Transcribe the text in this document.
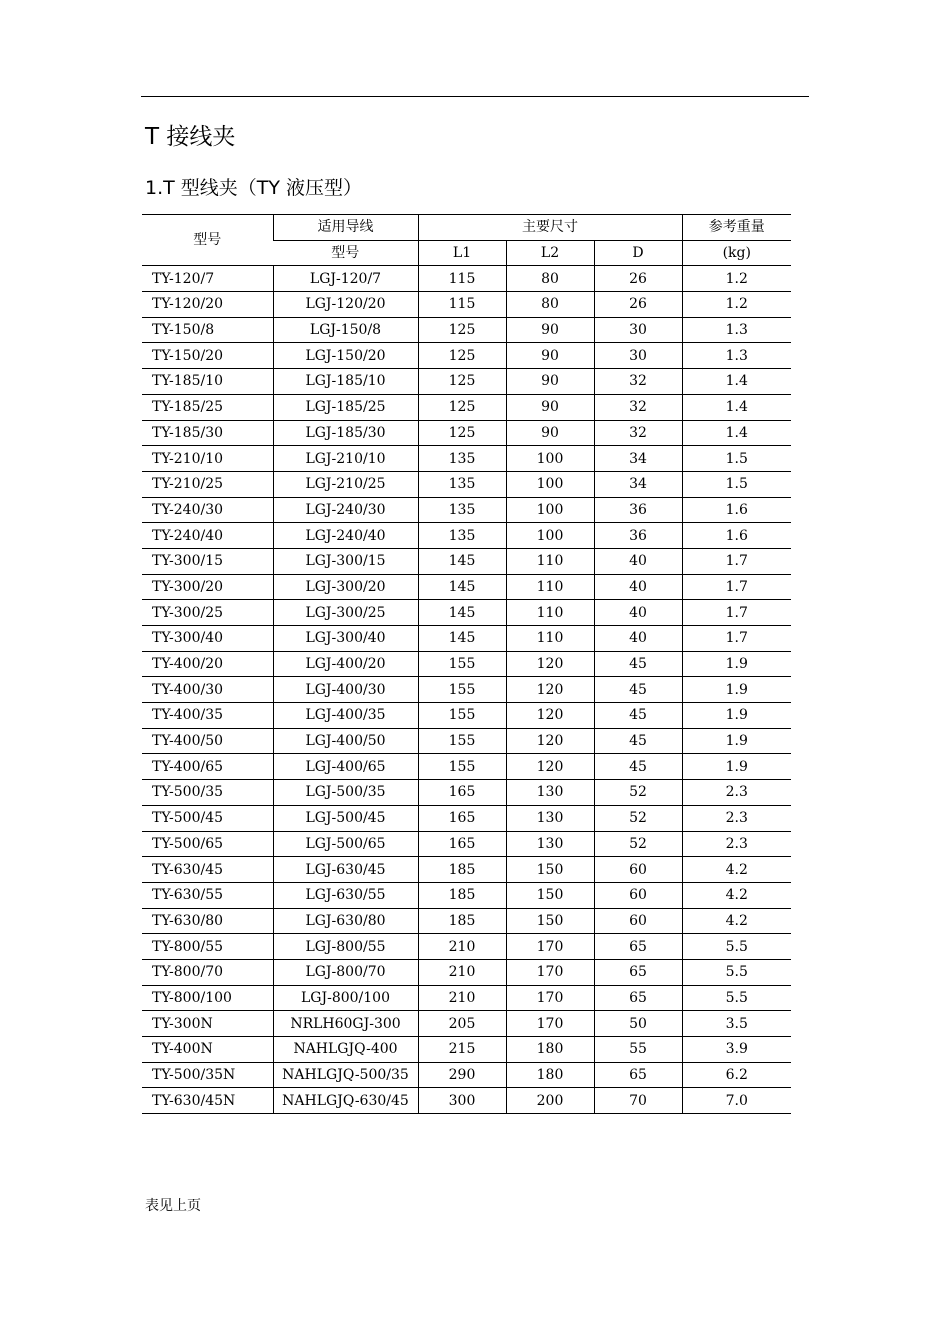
T 接线夹
1.T 型线夹（TY 液压型）
型号	适用导线	主要尺寸			参考重量
	型号	L1	L2	D	(kg)
TY-120/7	LGJ-120/7	115	80	26	1.2
TY-120/20	LGJ-120/20	115	80	26	1.2
TY-150/8	LGJ-150/8	125	90	30	1.3
TY-150/20	LGJ-150/20	125	90	30	1.3
TY-185/10	LGJ-185/10	125	90	32	1.4
TY-185/25	LGJ-185/25	125	90	32	1.4
TY-185/30	LGJ-185/30	125	90	32	1.4
TY-210/10	LGJ-210/10	135	100	34	1.5
TY-210/25	LGJ-210/25	135	100	34	1.5
TY-240/30	LGJ-240/30	135	100	36	1.6
TY-240/40	LGJ-240/40	135	100	36	1.6
TY-300/15	LGJ-300/15	145	110	40	1.7
TY-300/20	LGJ-300/20	145	110	40	1.7
TY-300/25	LGJ-300/25	145	110	40	1.7
TY-300/40	LGJ-300/40	145	110	40	1.7
TY-400/20	LGJ-400/20	155	120	45	1.9
TY-400/30	LGJ-400/30	155	120	45	1.9
TY-400/35	LGJ-400/35	155	120	45	1.9
TY-400/50	LGJ-400/50	155	120	45	1.9
TY-400/65	LGJ-400/65	155	120	45	1.9
TY-500/35	LGJ-500/35	165	130	52	2.3
TY-500/45	LGJ-500/45	165	130	52	2.3
TY-500/65	LGJ-500/65	165	130	52	2.3
TY-630/45	LGJ-630/45	185	150	60	4.2
TY-630/55	LGJ-630/55	185	150	60	4.2
TY-630/80	LGJ-630/80	185	150	60	4.2
TY-800/55	LGJ-800/55	210	170	65	5.5
TY-800/70	LGJ-800/70	210	170	65	5.5
TY-800/100	LGJ-800/100	210	170	65	5.5
TY-300N	NRLH60GJ-300	205	170	50	3.5
TY-400N	NAHLGJQ-400	215	180	55	3.9
TY-500/35N	NAHLGJQ-500/35	290	180	65	6.2
TY-630/45N	NAHLGJQ-630/45	300	200	70	7.0
表见上页
